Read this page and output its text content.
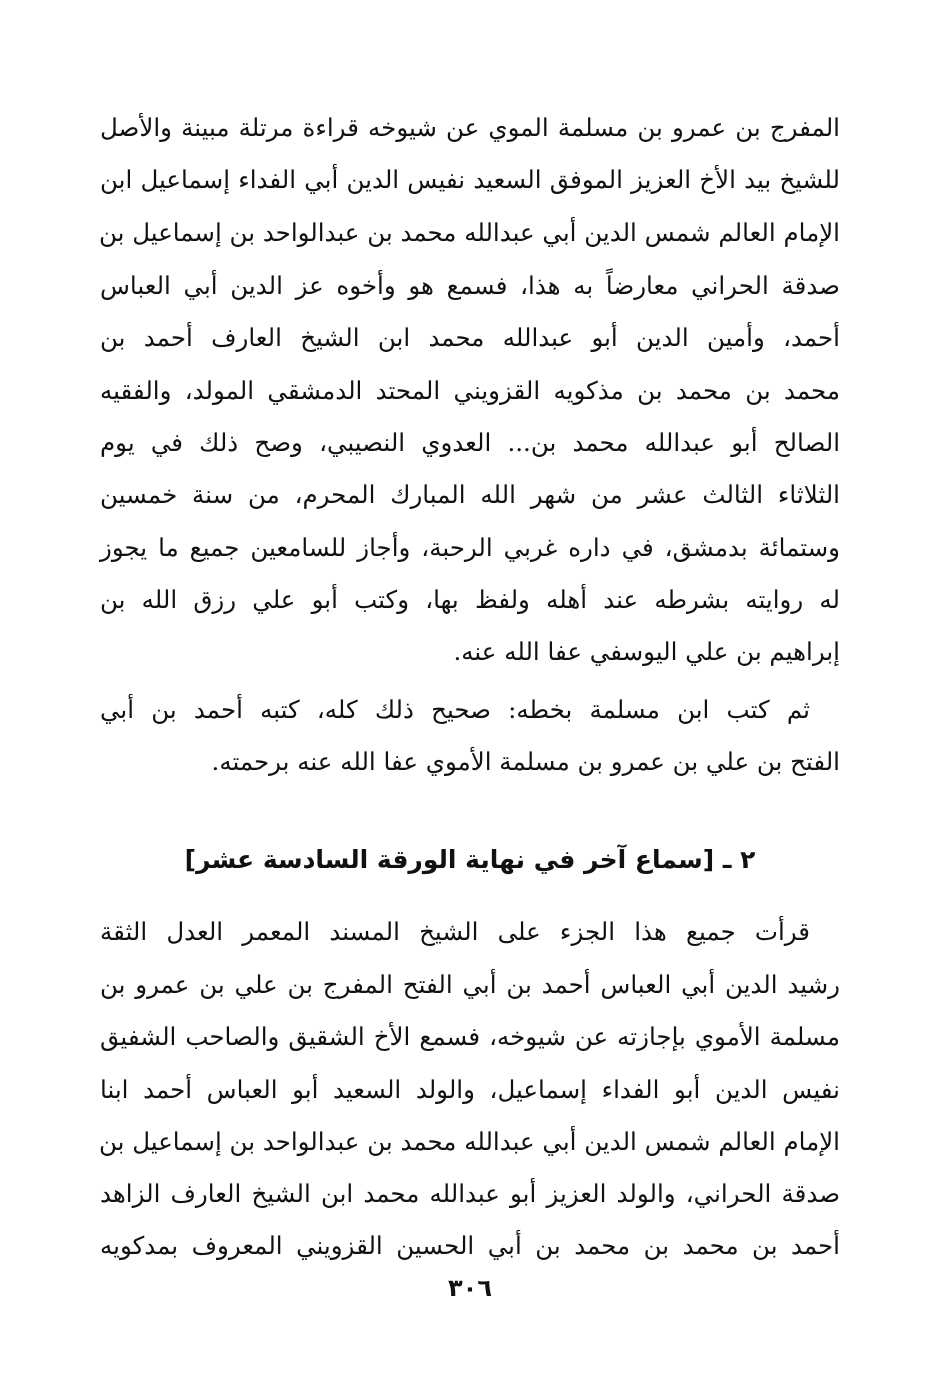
المفرج بن عمرو بن مسلمة الموي عن شيوخه قراءة مرتلة مبينة والأصل
للشيخ بيد الأخ العزيز الموفق السعيد نفيس الدين أبي الفداء إسماعيل ابن
الإمام العالم شمس الدين أبي عبدالله محمد بن عبدالواحد بن إسماعيل بن
صدقة الحراني معارضاً به هذا، فسمع هو وأخوه عز الدين أبي العباس
أحمد، وأمين الدين أبو عبدالله محمد ابن الشيخ العارف أحمد بن
محمد بن محمد بن مذكويه القزويني المحتد الدمشقي المولد، والفقيه
الصالح أبو عبدالله محمد بن... العدوي النصيبي، وصح ذلك في يوم
الثلاثاء الثالث عشر من شهر الله المبارك المحرم، من سنة خمسين
وستمائة بدمشق، في داره غربي الرحبة، وأجاز للسامعين جميع ما يجوز
له روايته بشرطه عند أهله ولفظ بها، وكتب أبو علي رزق الله بن
إبراهيم بن علي اليوسفي عفا الله عنه.
ثم كتب ابن مسلمة بخطه: صحيح ذلك كله، كتبه أحمد بن أبي
الفتح بن علي بن عمرو بن مسلمة الأموي عفا الله عنه برحمته.
٢ ـ [سماع آخر في نهاية الورقة السادسة عشر]
قرأت جميع هذا الجزء على الشيخ المسند المعمر العدل الثقة
رشيد الدين أبي العباس أحمد بن أبي الفتح المفرج بن علي بن عمرو بن
مسلمة الأموي بإجازته عن شيوخه، فسمع الأخ الشقيق والصاحب الشفيق
نفيس الدين أبو الفداء إسماعيل، والولد السعيد أبو العباس أحمد ابنا
الإمام العالم شمس الدين أبي عبدالله محمد بن عبدالواحد بن إسماعيل بن
صدقة الحراني، والولد العزيز أبو عبدالله محمد ابن الشيخ العارف الزاهد
أحمد بن محمد بن محمد بن أبي الحسين القزويني المعروف بمدكويه
٣٠٦
